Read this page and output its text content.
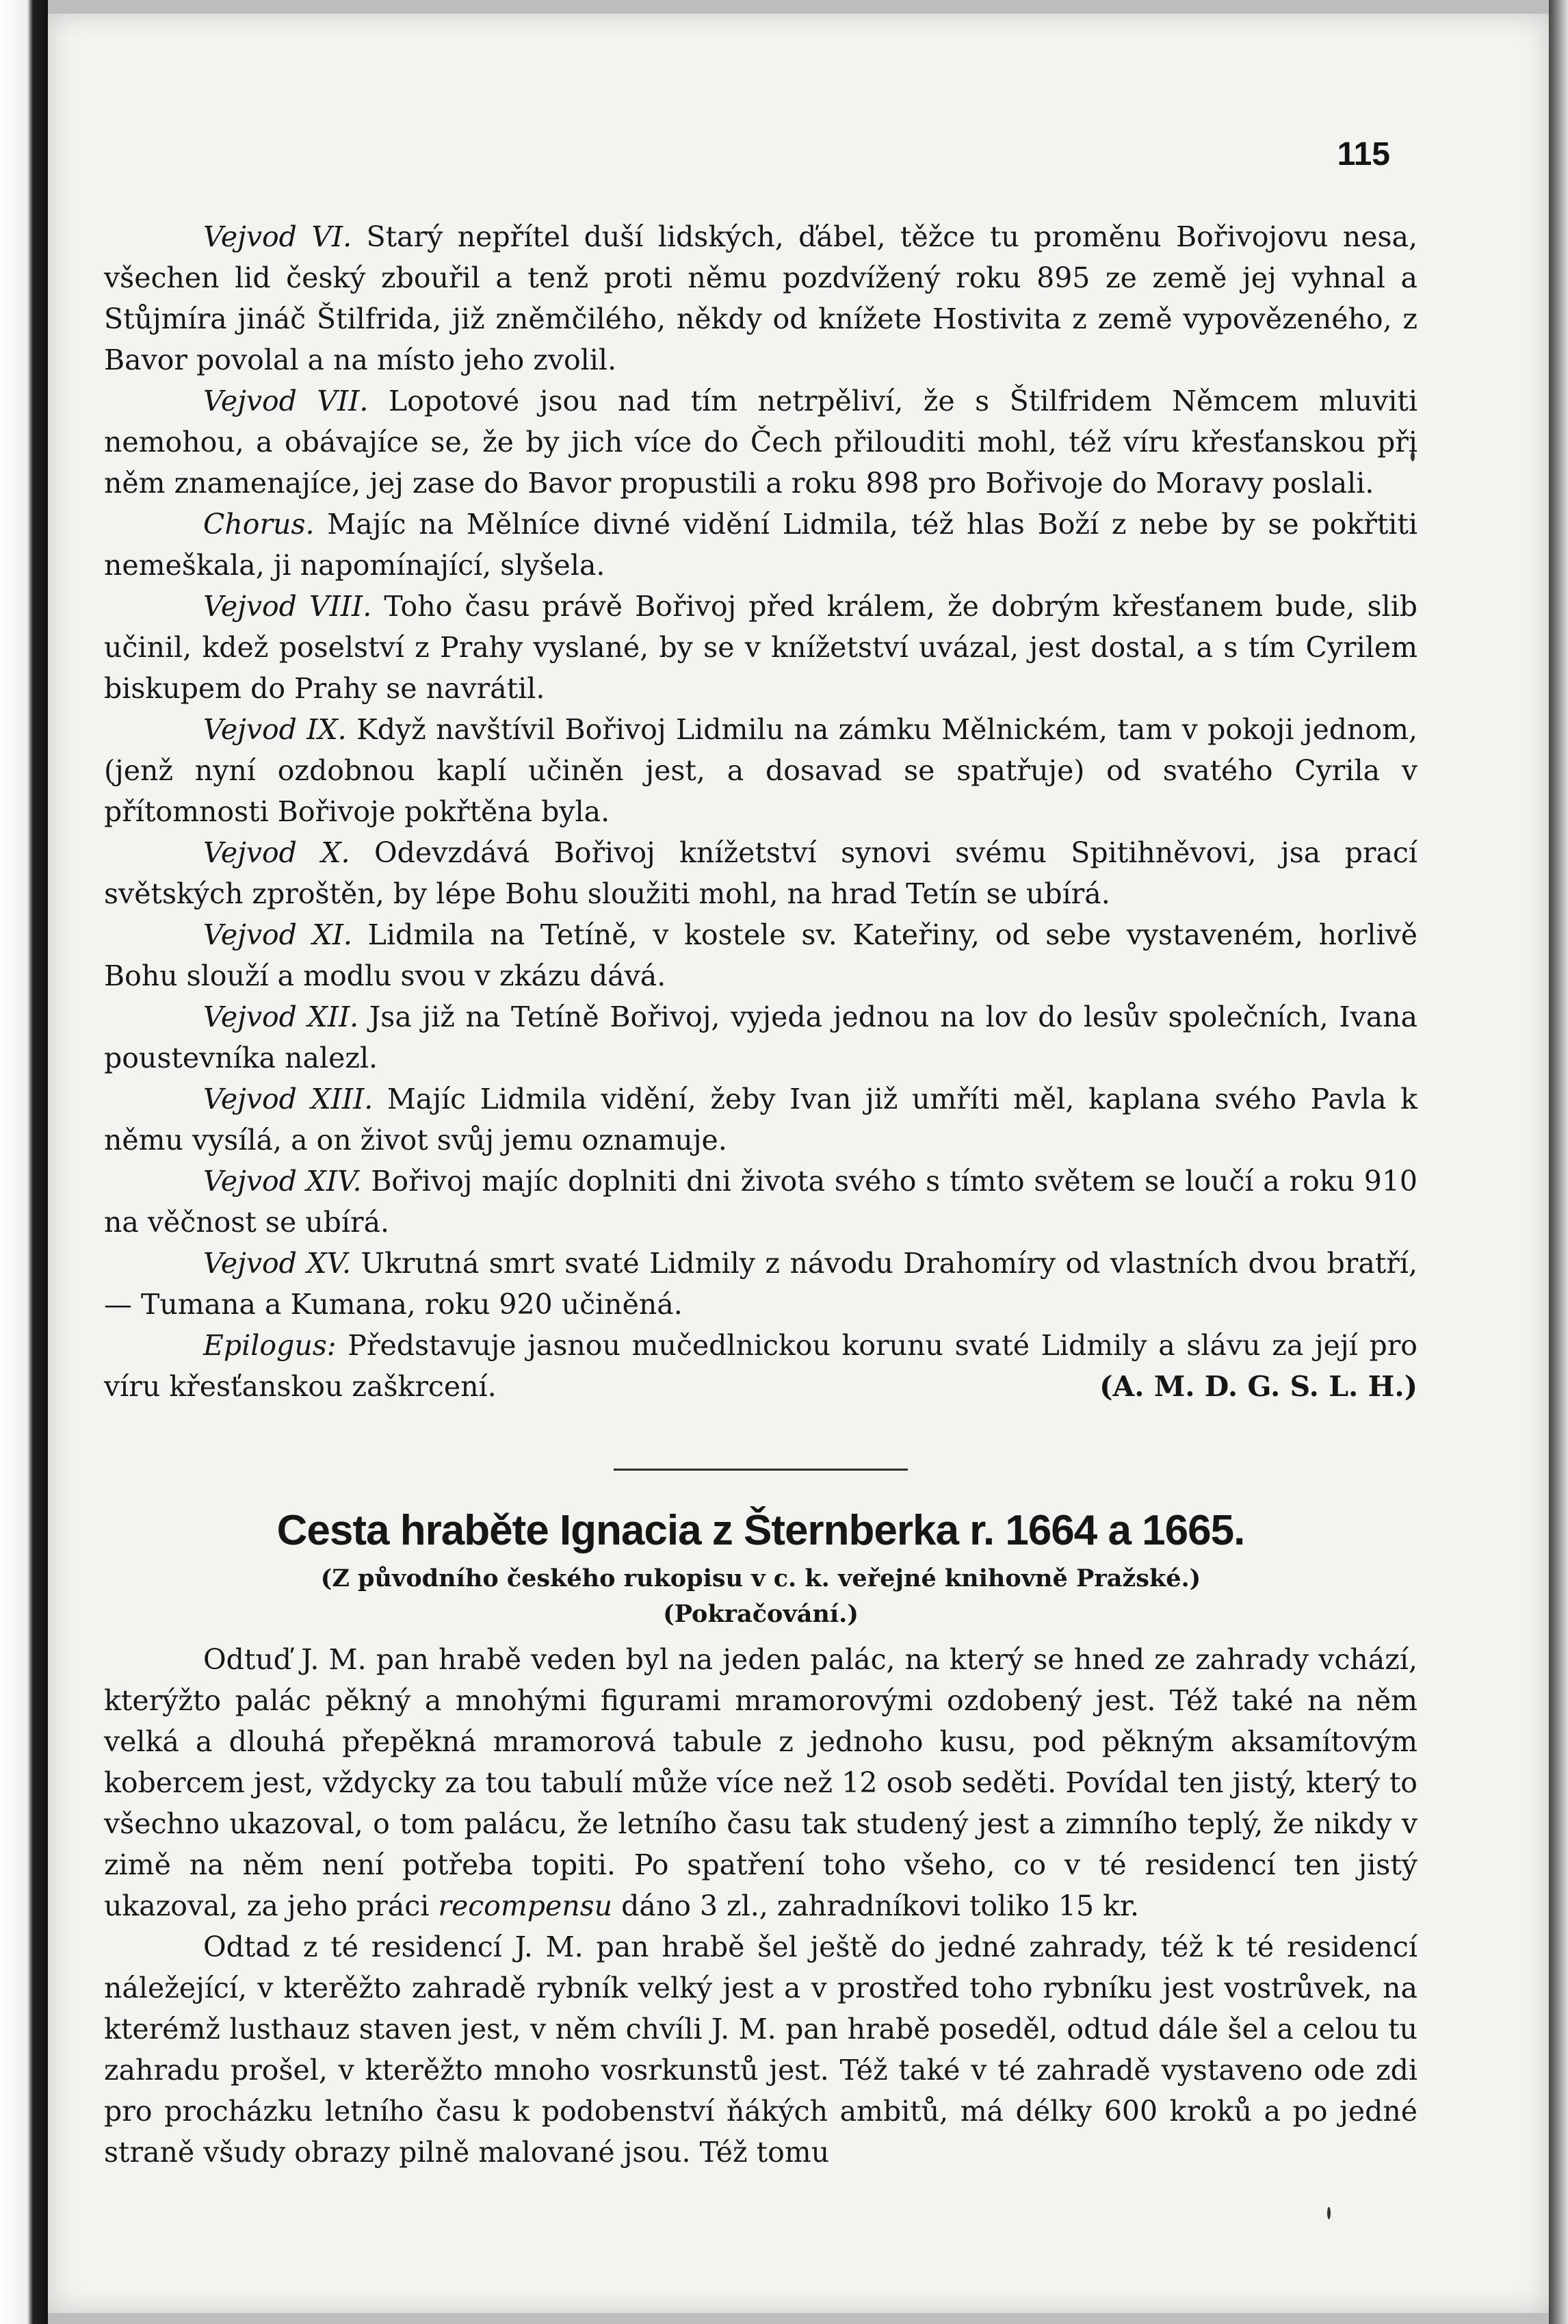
115

Vejvod VI. Starý nepřítel duší lidských, ďábel, těžce tu proměnu Bořivojovu nesa, všechen lid český zbouřil a tenž proti němu pozdvížený roku 895 ze země jej vyhnal a Stůjmíra jináč Štilfrida, již zněmčilého, někdy od knížete Hostivita z země vypovězeného, z Bavor povolal a na místo jeho zvolil.

Vejvod VII. Lopotové jsou nad tím netrpěliví, že s Štilfridem Němcem mluviti nemohou, a obávajíce se, že by jich více do Čech přilouditi mohl, též víru křesťanskou při něm znamenajíce, jej zase do Bavor propustili a roku 898 pro Bořivoje do Moravy poslali.

Chorus. Majíc na Mělníce divné vidění Lidmila, též hlas Boží z nebe by se pokřtiti nemeškala, ji napomínající, slyšela.

Vejvod VIII. Toho času právě Bořivoj před králem, že dobrým křesťanem bude, slib učinil, kdež poselství z Prahy vyslané, by se v knížetství uvázal, jest dostal, a s tím Cyrilem biskupem do Prahy se navrátil.

Vejvod IX. Když navštívil Bořivoj Lidmilu na zámku Mělnickém, tam v pokoji jednom, (jenž nyní ozdobnou kaplí učiněn jest, a dosavad se spatřuje) od svatého Cyrila v přítomnosti Bořivoje pokřtěna byla.

Vejvod X. Odevzdává Bořivoj knížetství synovi svému Spitihněvovi, jsa prací světských zproštěn, by lépe Bohu sloužiti mohl, na hrad Tetín se ubírá.

Vejvod XI. Lidmila na Tetíně, v kostele sv. Kateřiny, od sebe vystaveném, horlivě Bohu slouží a modlu svou v zkázu dává.

Vejvod XII. Jsa již na Tetíně Bořivoj, vyjeda jednou na lov do lesův společních, Ivana poustevníka nalezl.

Vejvod XIII. Majíc Lidmila vidění, žeby Ivan již umříti měl, kaplana svého Pavla k němu vysílá, a on život svůj jemu oznamuje.

Vejvod XIV. Bořivoj majíc doplniti dni života svého s tímto světem se loučí a roku 910 na věčnost se ubírá.

Vejvod XV. Ukrutná smrt svaté Lidmily z návodu Drahomíry od vlastních dvou bratří, — Tumana a Kumana, roku 920 učiněná.

Epilogus: Představuje jasnou mučedlnickou korunu svaté Lidmily a slávu za její pro víru křesťanskou zaškrcení.	(A. M. D. G. S. L. H.)

Cesta hraběte Ignacia z Šternberka r. 1664 a 1665.

(Z původního českého rukopisu v c. k. veřejné knihovně Pražské.)

(Pokračování.)

Odtuď J. M. pan hrabě veden byl na jeden palác, na který se hned ze zahrady vchází, kterýžto palác pěkný a mnohými figurami mramorovými ozdobený jest. Též také na něm velká a dlouhá přepěkná mramorová tabule z jednoho kusu, pod pěkným aksamítovým kobercem jest, vždycky za tou tabulí může více než 12 osob seděti. Povídal ten jistý, který to všechno ukazoval, o tom palácu, že letního času tak studený jest a zimního teplý, že nikdy v zimě na něm není potřeba topiti. Po spatření toho všeho, co v té residencí ten jistý ukazoval, za jeho práci recompensu dáno 3 zl., zahradníkovi toliko 15 kr.

Odtad z té residencí J. M. pan hrabě šel ještě do jedné zahrady, též k té residencí náležející, v kterěžto zahradě rybník velký jest a v prostřed toho rybníku jest vostrůvek, na kterémž lusthauz staven jest, v něm chvíli J. M. pan hrabě poseděl, odtud dále šel a celou tu zahradu prošel, v kterěžto mnoho vosrkunstů jest. Též také v té zahradě vystaveno ode zdi pro procházku letního času k podobenství ňákých ambitů, má délky 600 kroků a po jedné straně všudy obrazy pilně malované jsou. Též tomu
